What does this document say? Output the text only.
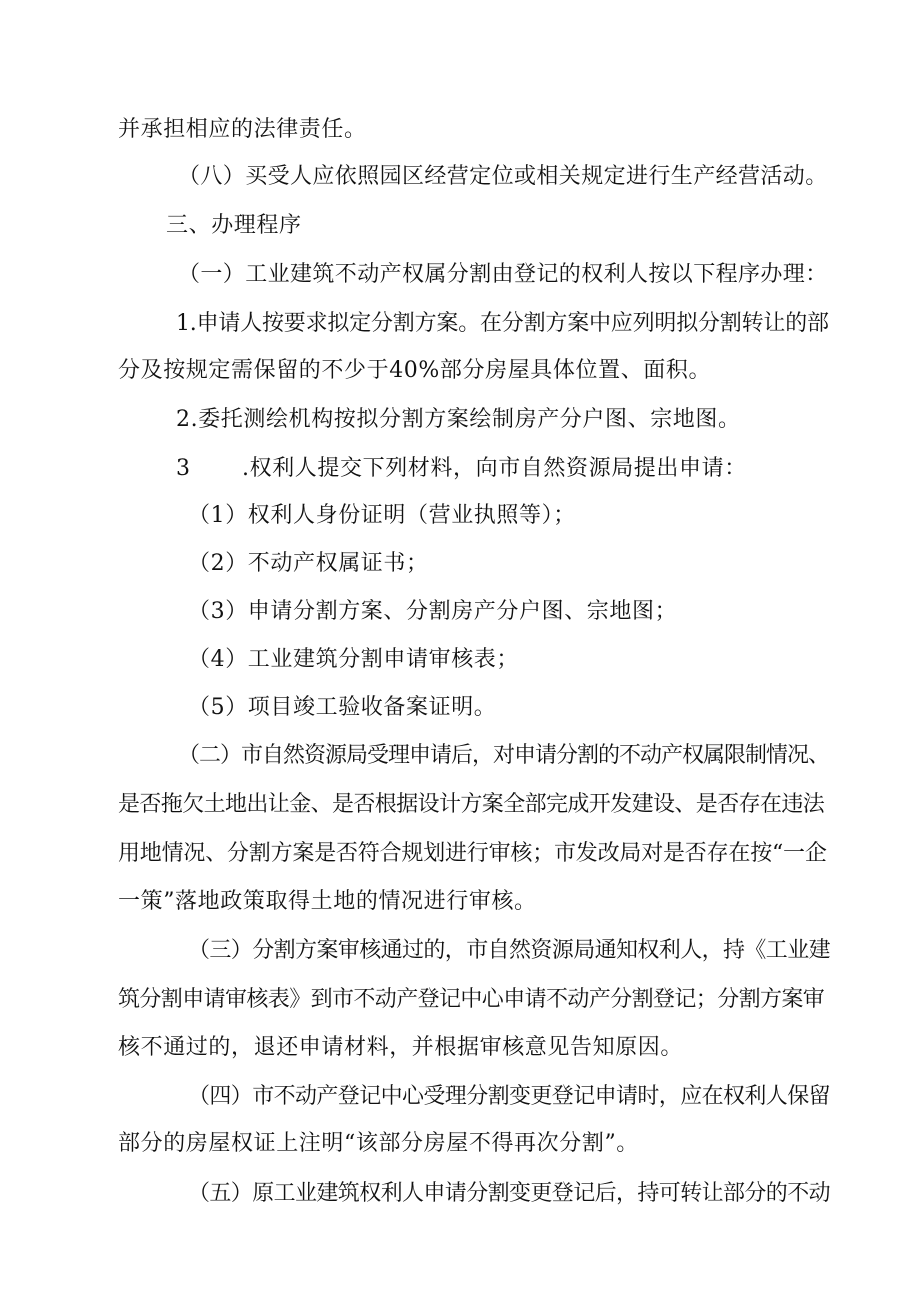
并承担相应的法律责任。
（八）买受人应依照园区经营定位或相关规定进行生产经营活动。
三、办理程序
（一）工业建筑不动产权属分割由登记的权利人按以下程序办理：
1.申请人按要求拟定分割方案。在分割方案中应列明拟分割转让的部
分及按规定需保留的不少于40%部分房屋具体位置、面积。
2.委托测绘机构按拟分割方案绘制房产分户图、宗地图。
3 .权利人提交下列材料，向市自然资源局提出申请：
（1）权利人身份证明（营业执照等）；
（2）不动产权属证书；
（3）申请分割方案、分割房产分户图、宗地图；
（4）工业建筑分割申请审核表；
（5）项目竣工验收备案证明。
（二）市自然资源局受理申请后，对申请分割的不动产权属限制情况、
是否拖欠土地出让金、是否根据设计方案全部完成开发建设、是否存在违法
用地情况、分割方案是否符合规划进行审核；市发改局对是否存在按“一企
一策”落地政策取得土地的情况进行审核。
（三）分割方案审核通过的，市自然资源局通知权利人，持《工业建
筑分割申请审核表》到市不动产登记中心申请不动产分割登记；分割方案审
核不通过的，退还申请材料，并根据审核意见告知原因。
（四）市不动产登记中心受理分割变更登记申请时，应在权利人保留
部分的房屋权证上注明“该部分房屋不得再次分割”。
（五）原工业建筑权利人申请分割变更登记后，持可转让部分的不动
